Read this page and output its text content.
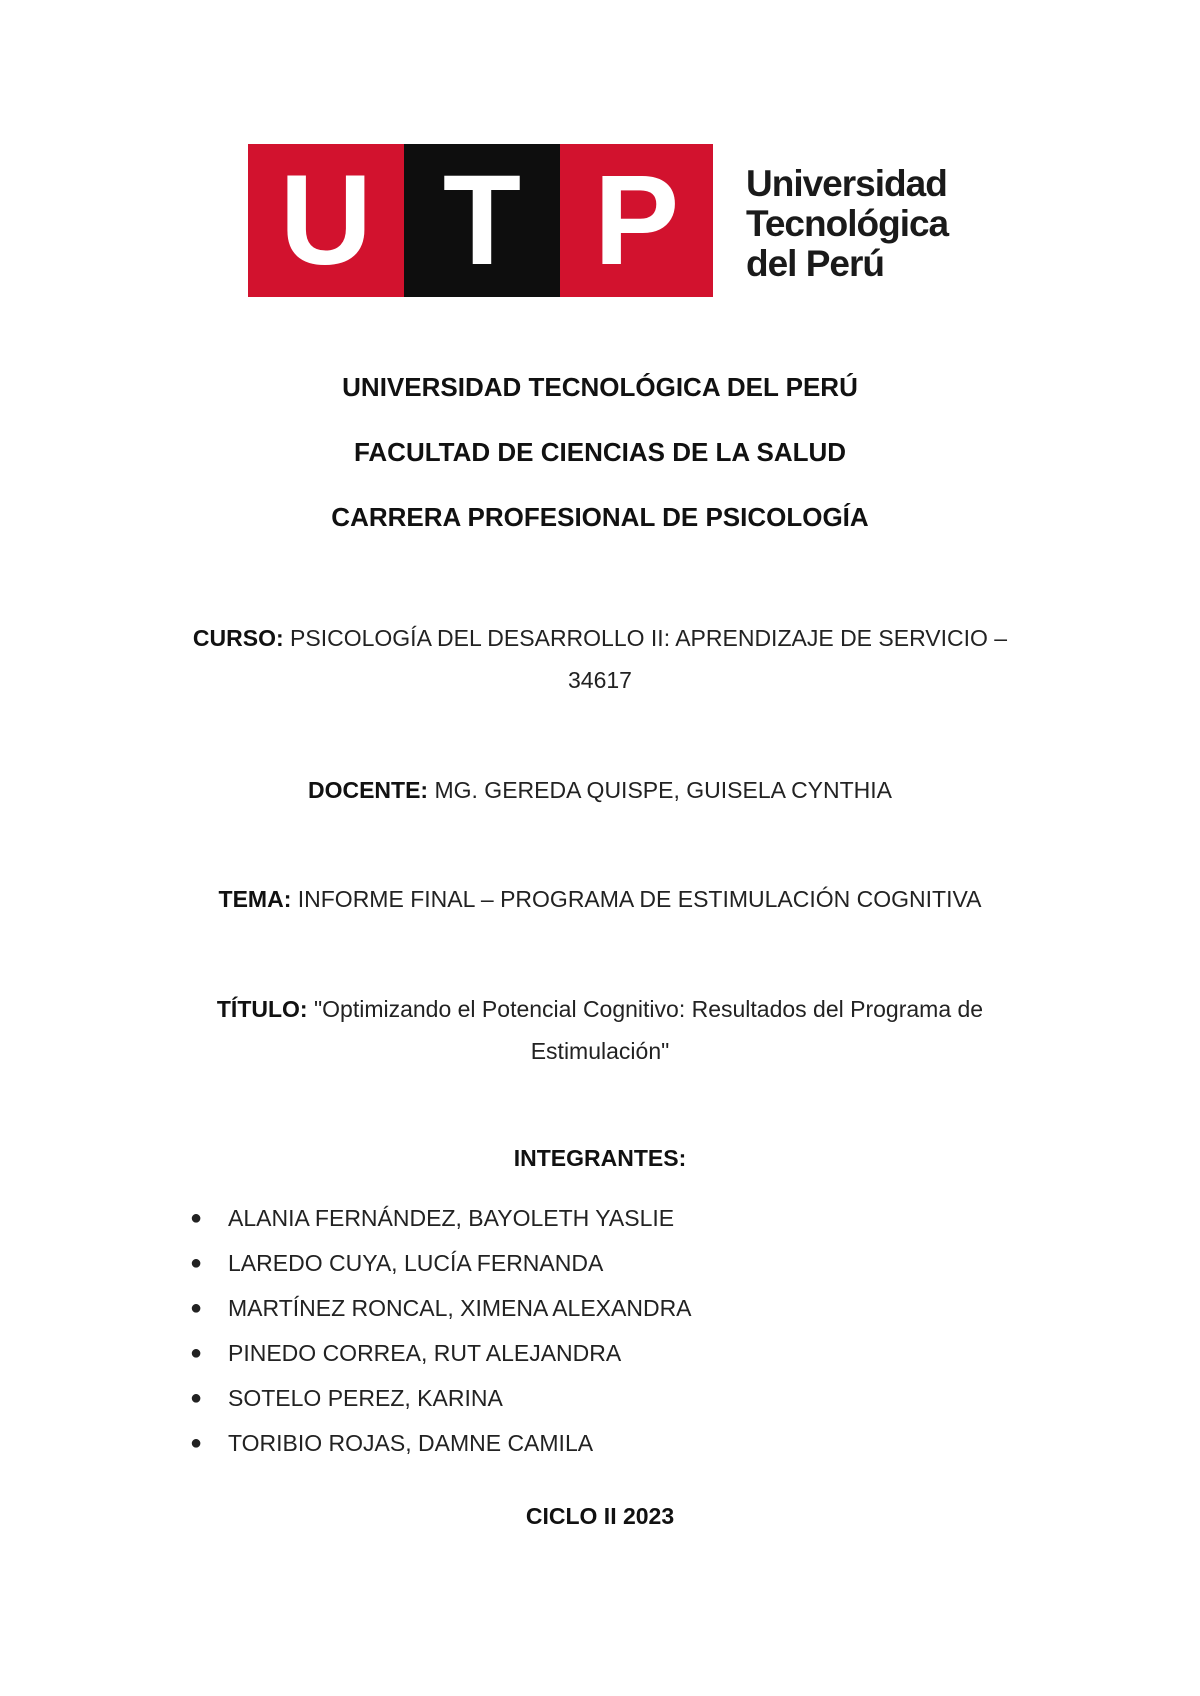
U T P	Universidad
Tecnológica
del Perú
UNIVERSIDAD TECNOLÓGICA DEL PERÚ
FACULTAD DE CIENCIAS DE LA SALUD
CARRERA PROFESIONAL DE PSICOLOGÍA
CURSO: PSICOLOGÍA DEL DESARROLLO II: APRENDIZAJE DE SERVICIO –
34617
DOCENTE: MG. GEREDA QUISPE, GUISELA CYNTHIA
TEMA: INFORME FINAL – PROGRAMA DE ESTIMULACIÓN COGNITIVA
TÍTULO: "Optimizando el Potencial Cognitivo: Resultados del Programa de
Estimulación"
INTEGRANTES:
● ALANIA FERNÁNDEZ, BAYOLETH YASLIE
● LAREDO CUYA, LUCÍA FERNANDA
● MARTÍNEZ RONCAL, XIMENA ALEXANDRA
● PINEDO CORREA, RUT ALEJANDRA
● SOTELO PEREZ, KARINA
● TORIBIO ROJAS, DAMNE CAMILA
CICLO II 2023
